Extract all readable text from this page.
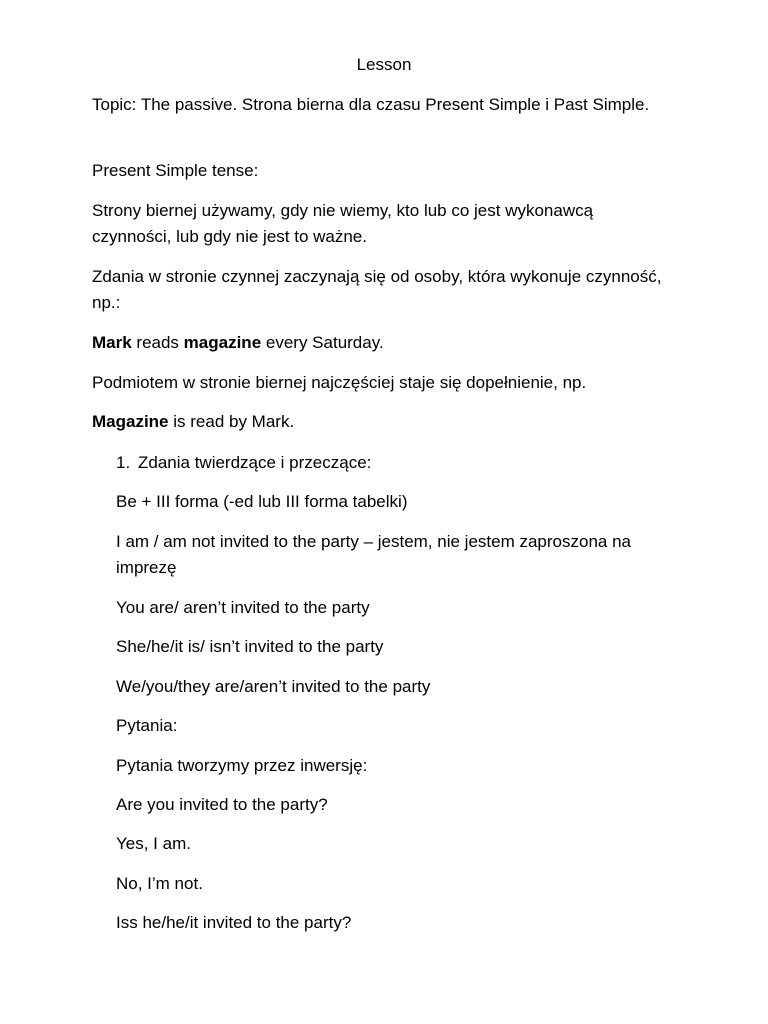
Lesson

Topic: The passive. Strona bierna dla czasu Present Simple i Past Simple.

Present Simple tense:

Strony biernej używamy, gdy nie wiemy, kto lub co jest wykonawcą czynności, lub gdy nie jest to ważne.

Zdania w stronie czynnej zaczynają się od osoby, która wykonuje czynność, np.:

Mark reads magazine every Saturday.

Podmiotem w stronie biernej najczęściej staje się dopełnienie, np.

Magazine is read by Mark.

1. Zdania twierdzące i przeczące:

Be + III forma (-ed lub III forma tabelki)

I am / am not invited to the party – jestem, nie jestem zaproszona na imprezę

You are/ aren’t invited to the party

She/he/it is/ isn’t invited to the party

We/you/they are/aren’t invited to the party

Pytania:

Pytania tworzymy przez inwersję:

Are you invited to the party?

Yes, I am.

No, I’m not.

Iss he/he/it invited to the party?
